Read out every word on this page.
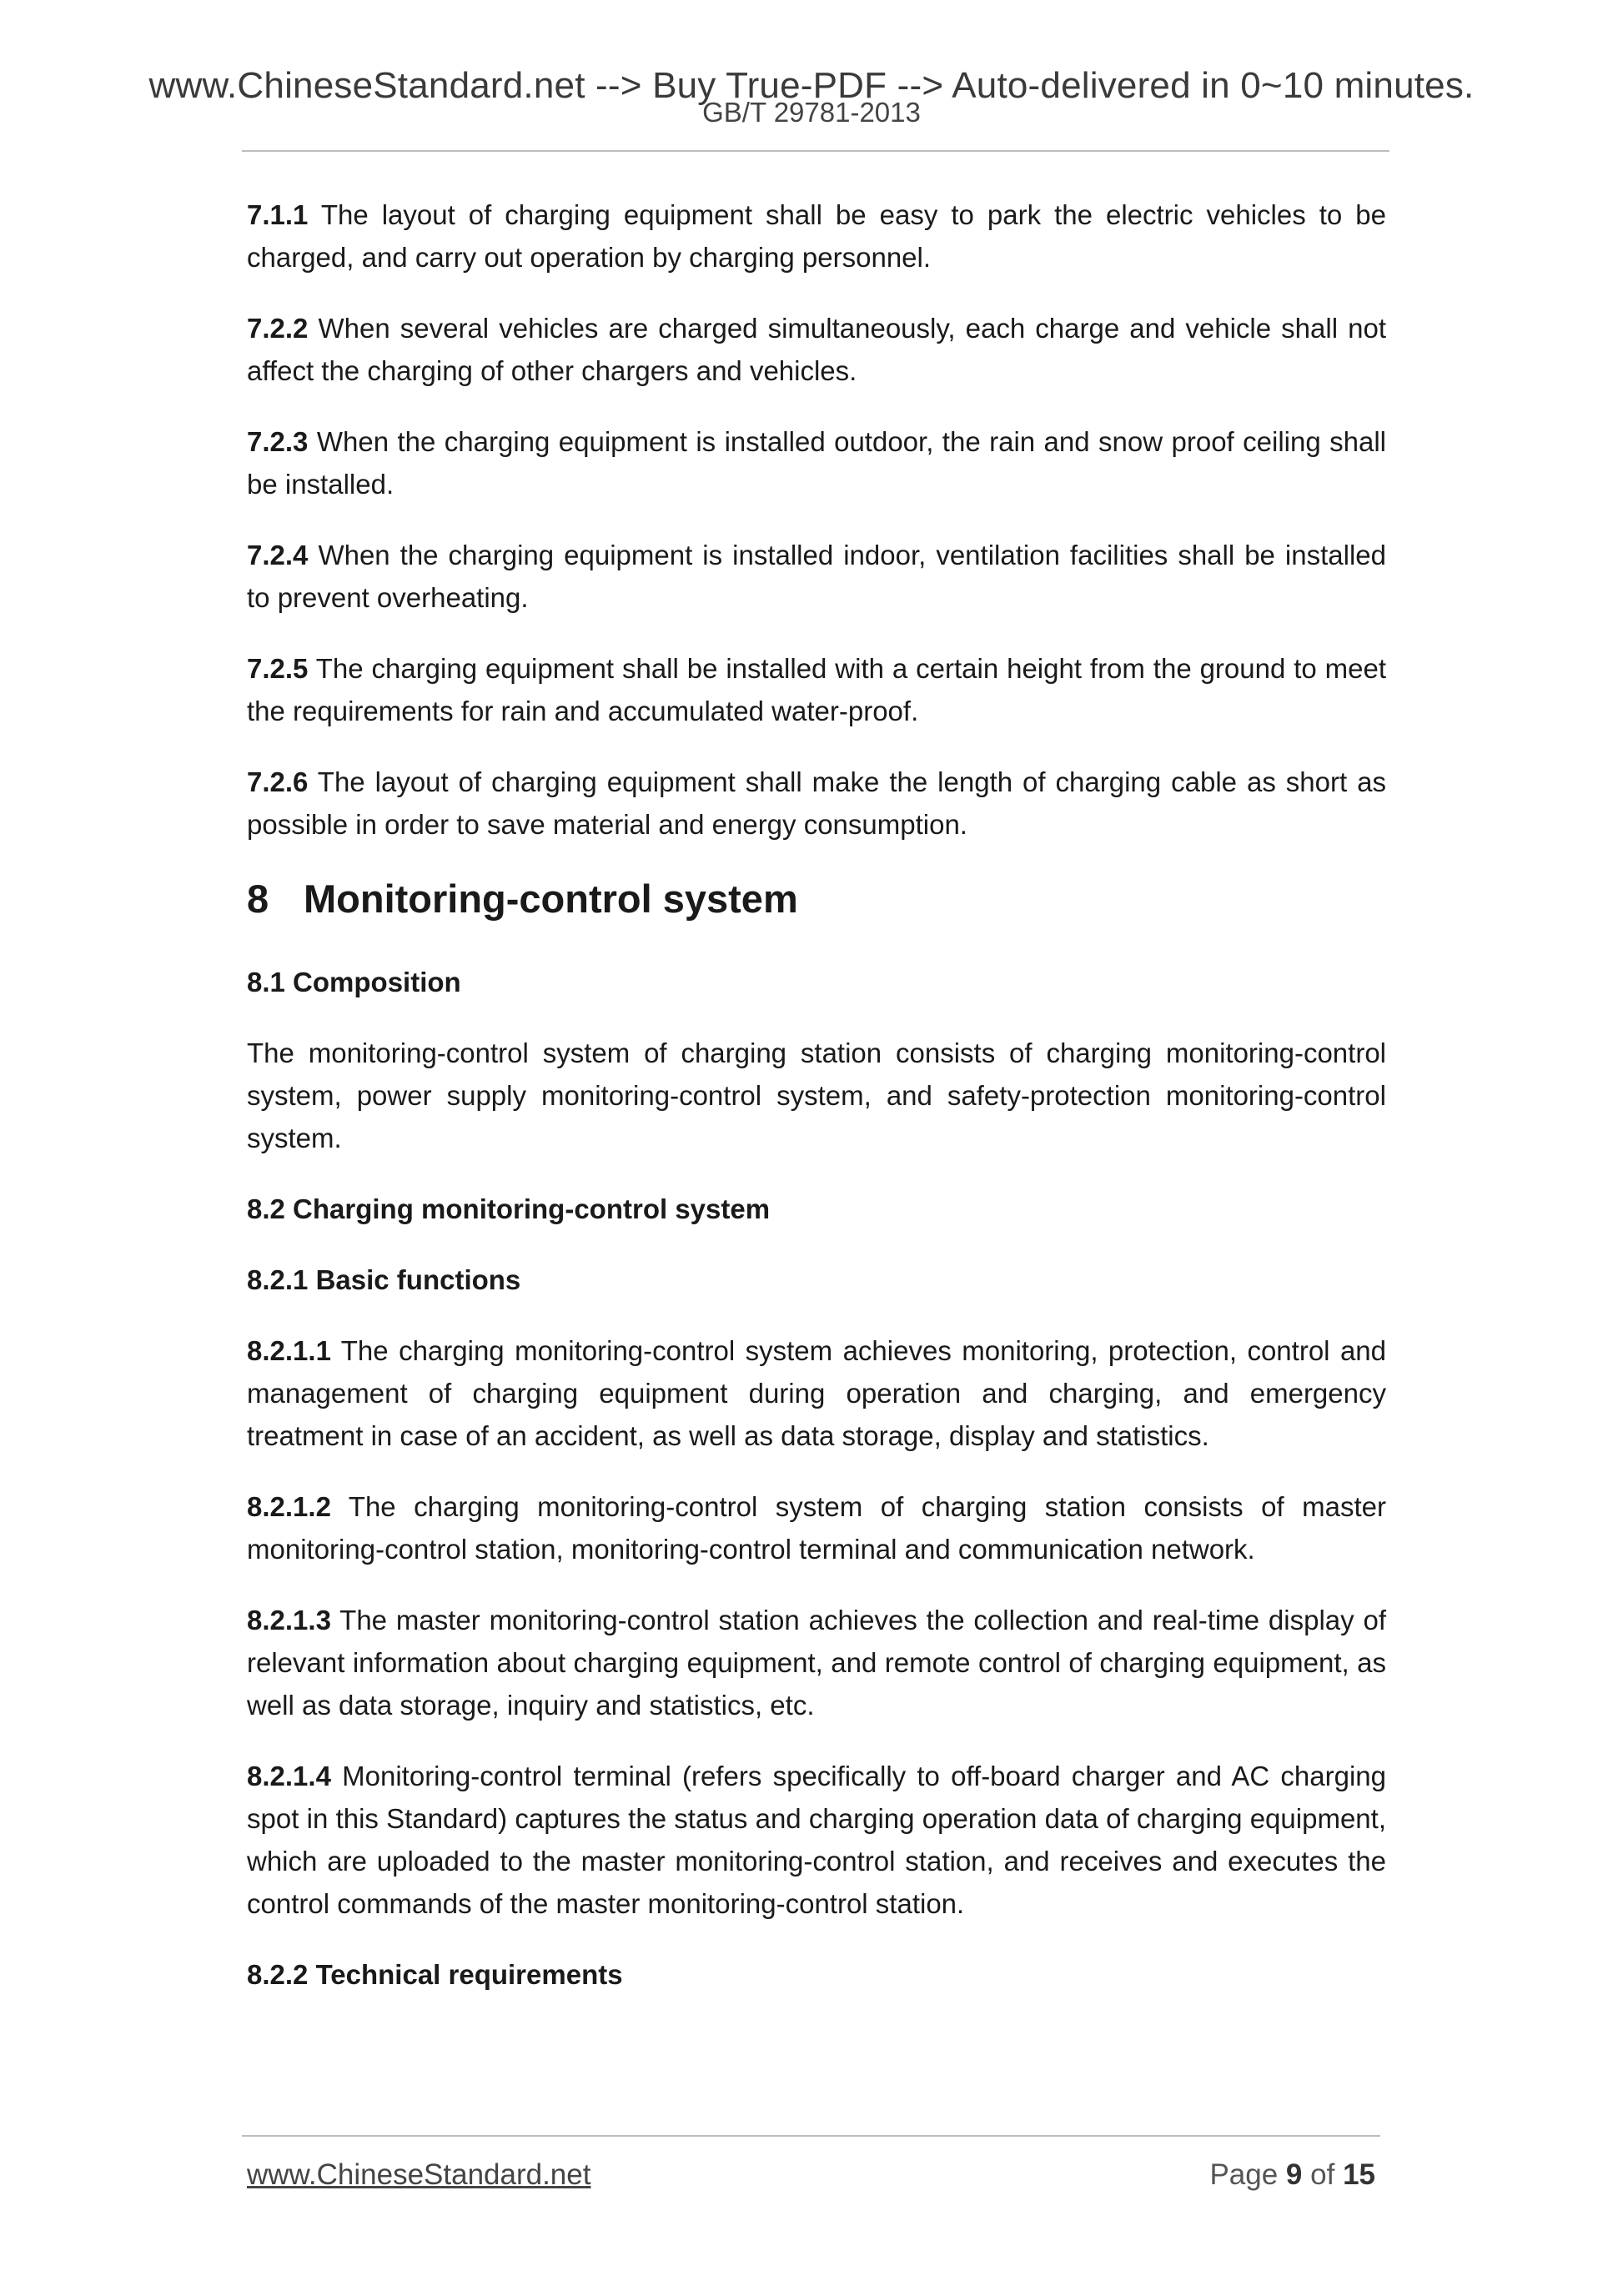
www.ChineseStandard.net --> Buy True-PDF --> Auto-delivered in 0~10 minutes.
GB/T 29781-2013

7.1.1 The layout of charging equipment shall be easy to park the electric vehicles to be charged, and carry out operation by charging personnel.

7.2.2 When several vehicles are charged simultaneously, each charge and vehicle shall not affect the charging of other chargers and vehicles.

7.2.3 When the charging equipment is installed outdoor, the rain and snow proof ceiling shall be installed.

7.2.4 When the charging equipment is installed indoor, ventilation facilities shall be installed to prevent overheating.

7.2.5 The charging equipment shall be installed with a certain height from the ground to meet the requirements for rain and accumulated water-proof.

7.2.6 The layout of charging equipment shall make the length of charging cable as short as possible in order to save material and energy consumption.

8 Monitoring-control system
8.1 Composition

The monitoring-control system of charging station consists of charging monitoring-control system, power supply monitoring-control system, and safety-protection monitoring-control system.

8.2 Charging monitoring-control system
8.2.1 Basic functions

8.2.1.1 The charging monitoring-control system achieves monitoring, protection, control and management of charging equipment during operation and charging, and emergency treatment in case of an accident, as well as data storage, display and statistics.

8.2.1.2 The charging monitoring-control system of charging station consists of master monitoring-control station, monitoring-control terminal and communication network.

8.2.1.3 The master monitoring-control station achieves the collection and real-time display of relevant information about charging equipment, and remote control of charging equipment, as well as data storage, inquiry and statistics, etc.

8.2.1.4 Monitoring-control terminal (refers specifically to off-board charger and AC charging spot in this Standard) captures the status and charging operation data of charging equipment, which are uploaded to the master monitoring-control station, and receives and executes the control commands of the master monitoring-control station.

8.2.2 Technical requirements
www.ChineseStandard.net	Page 9 of 15
